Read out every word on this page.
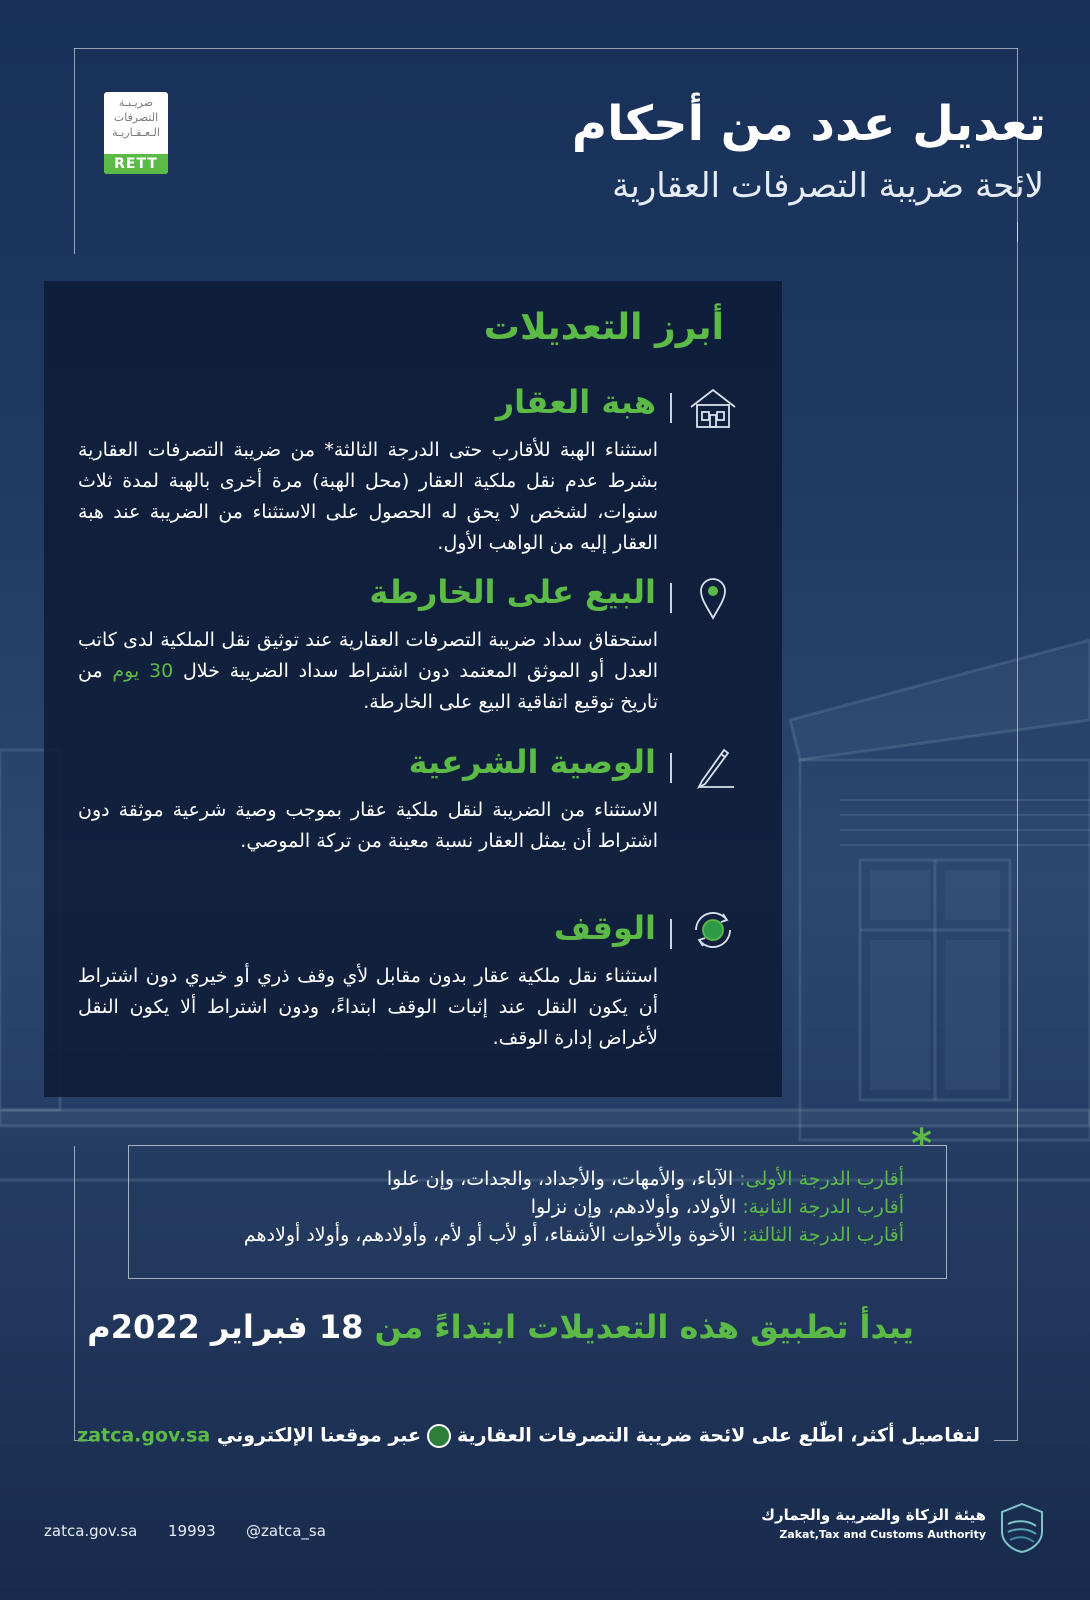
ضريـبـة
التصرفات
الـعـقـاريـة
RETT
تعديل عدد من أحكام
لائحة ضريبة التصرفات العقارية
أبرز التعديلات
هبة العقار
استثناء الهبة للأقارب حتى الدرجة الثالثة* من ضريبة التصرفات العقارية بشرط عدم نقل ملكية العقار (محل الهبة) مرة أخرى بالهبة لمدة ثلاث سنوات، لشخص لا يحق له الحصول على الاستثناء من الضريبة عند هبة العقار إليه من الواهب الأول.
البيع على الخارطة
استحقاق سداد ضريبة التصرفات العقارية عند توثيق نقل الملكية لدى كاتب العدل أو الموثق المعتمد دون اشتراط سداد الضريبة خلال 30 يوم من تاريخ توقيع اتفاقية البيع على الخارطة.
الوصية الشرعية
الاستثناء من الضريبة لنقل ملكية عقار بموجب وصية شرعية موثقة دون اشتراط أن يمثل العقار نسبة معينة من تركة الموصي.
الوقف
استثناء نقل ملكية عقار بدون مقابل لأي وقف ذري أو خيري دون اشتراط أن يكون النقل عند إثبات الوقف ابتداءً، ودون اشتراط ألا يكون النقل لأغراض إدارة الوقف.
*
أقارب الدرجة الأولى: الآباء، والأمهات، والأجداد، والجدات، وإن علوا
أقارب الدرجة الثانية: الأولاد، وأولادهم، وإن نزلوا
أقارب الدرجة الثالثة: الأخوة والأخوات الأشقاء، أو لأب أو لأم، وأولادهم، وأولاد أولادهم
يبدأ تطبيق هذه التعديلات ابتداءً من 18 فبراير 2022م
لتفاصيل أكثر، اطّلع على لائحة ضريبة التصرفات العقاريةعبر موقعنا الإلكتروني zatca.gov.sa
zatca.gov.sa 19993 @zatca_sa
هيئة الزكاة والضريبة والجمارك
Zakat,Tax and Customs Authority
